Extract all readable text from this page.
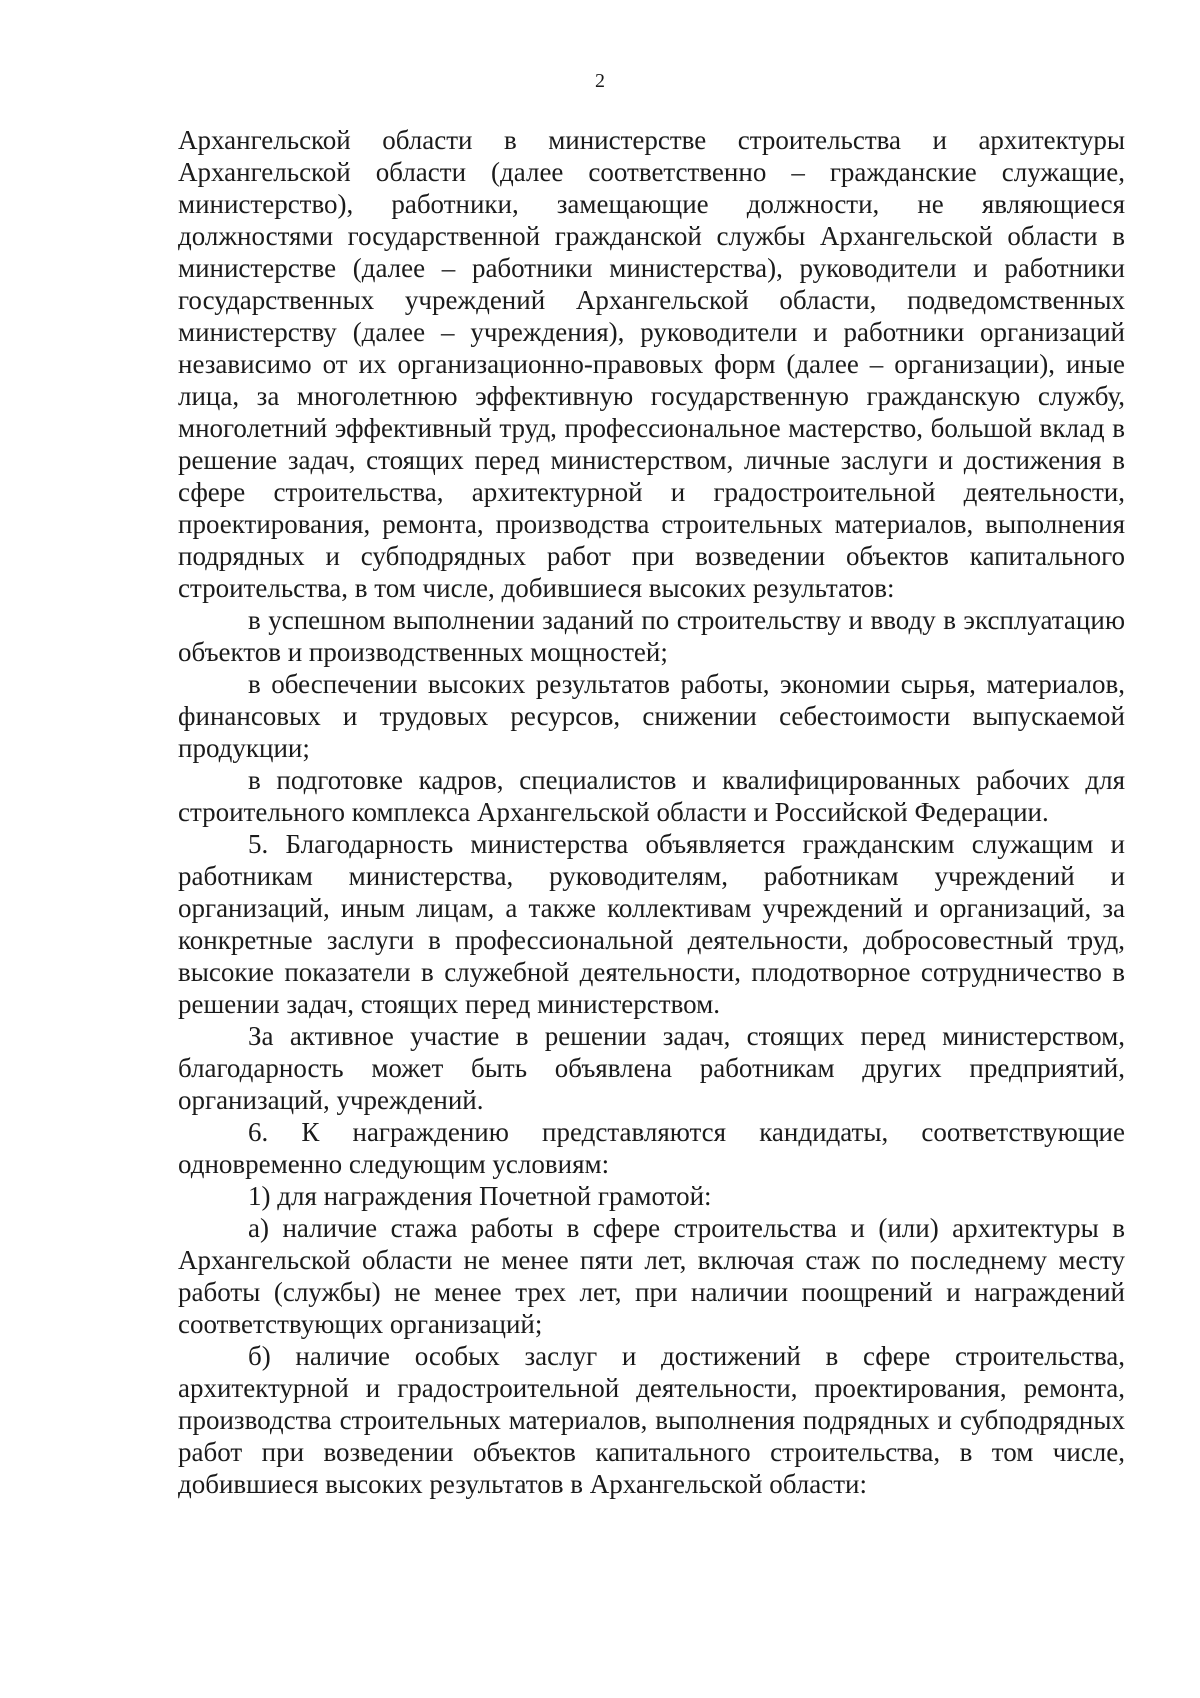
2

Архангельской области в министерстве строительства и архитектуры Архангельской области (далее соответственно – гражданские служащие, министерство), работники, замещающие должности, не являющиеся должностями государственной гражданской службы Архангельской области в министерстве (далее – работники министерства), руководители и работники государственных учреждений Архангельской области, подведомственных министерству (далее – учреждения), руководители и работники организаций независимо от их организационно-правовых форм (далее – организации), иные лица, за многолетнюю эффективную государственную гражданскую службу, многолетний эффективный труд, профессиональное мастерство, большой вклад в решение задач, стоящих перед министерством, личные заслуги и достижения в сфере строительства, архитектурной и градостроительной деятельности, проектирования, ремонта, производства строительных материалов, выполнения подрядных и субподрядных работ при возведении объектов капитального строительства, в том числе, добившиеся высоких результатов:

в успешном выполнении заданий по строительству и вводу в эксплуатацию объектов и производственных мощностей;

в обеспечении высоких результатов работы, экономии сырья, материалов, финансовых и трудовых ресурсов, снижении себестоимости выпускаемой продукции;

в подготовке кадров, специалистов и квалифицированных рабочих для строительного комплекса Архангельской области и Российской Федерации.

5. Благодарность министерства объявляется гражданским служащим и работникам министерства, руководителям, работникам учреждений и организаций, иным лицам, а также коллективам учреждений и организаций, за конкретные заслуги в профессиональной деятельности, добросовестный труд, высокие показатели в служебной деятельности, плодотворное сотрудничество в решении задач, стоящих перед министерством.

За активное участие в решении задач, стоящих перед министерством, благодарность может быть объявлена работникам других предприятий, организаций, учреждений.

6. К награждению представляются кандидаты, соответствующие одновременно следующим условиям:

1) для награждения Почетной грамотой:

а) наличие стажа работы в сфере строительства и (или) архитектуры в Архангельской области не менее пяти лет, включая стаж по последнему месту работы (службы) не менее трех лет, при наличии поощрений и награждений соответствующих организаций;

б) наличие особых заслуг и достижений в сфере строительства, архитектурной и градостроительной деятельности, проектирования, ремонта, производства строительных материалов, выполнения подрядных и субподрядных работ при возведении объектов капитального строительства, в том числе, добившиеся высоких результатов в Архангельской области:
